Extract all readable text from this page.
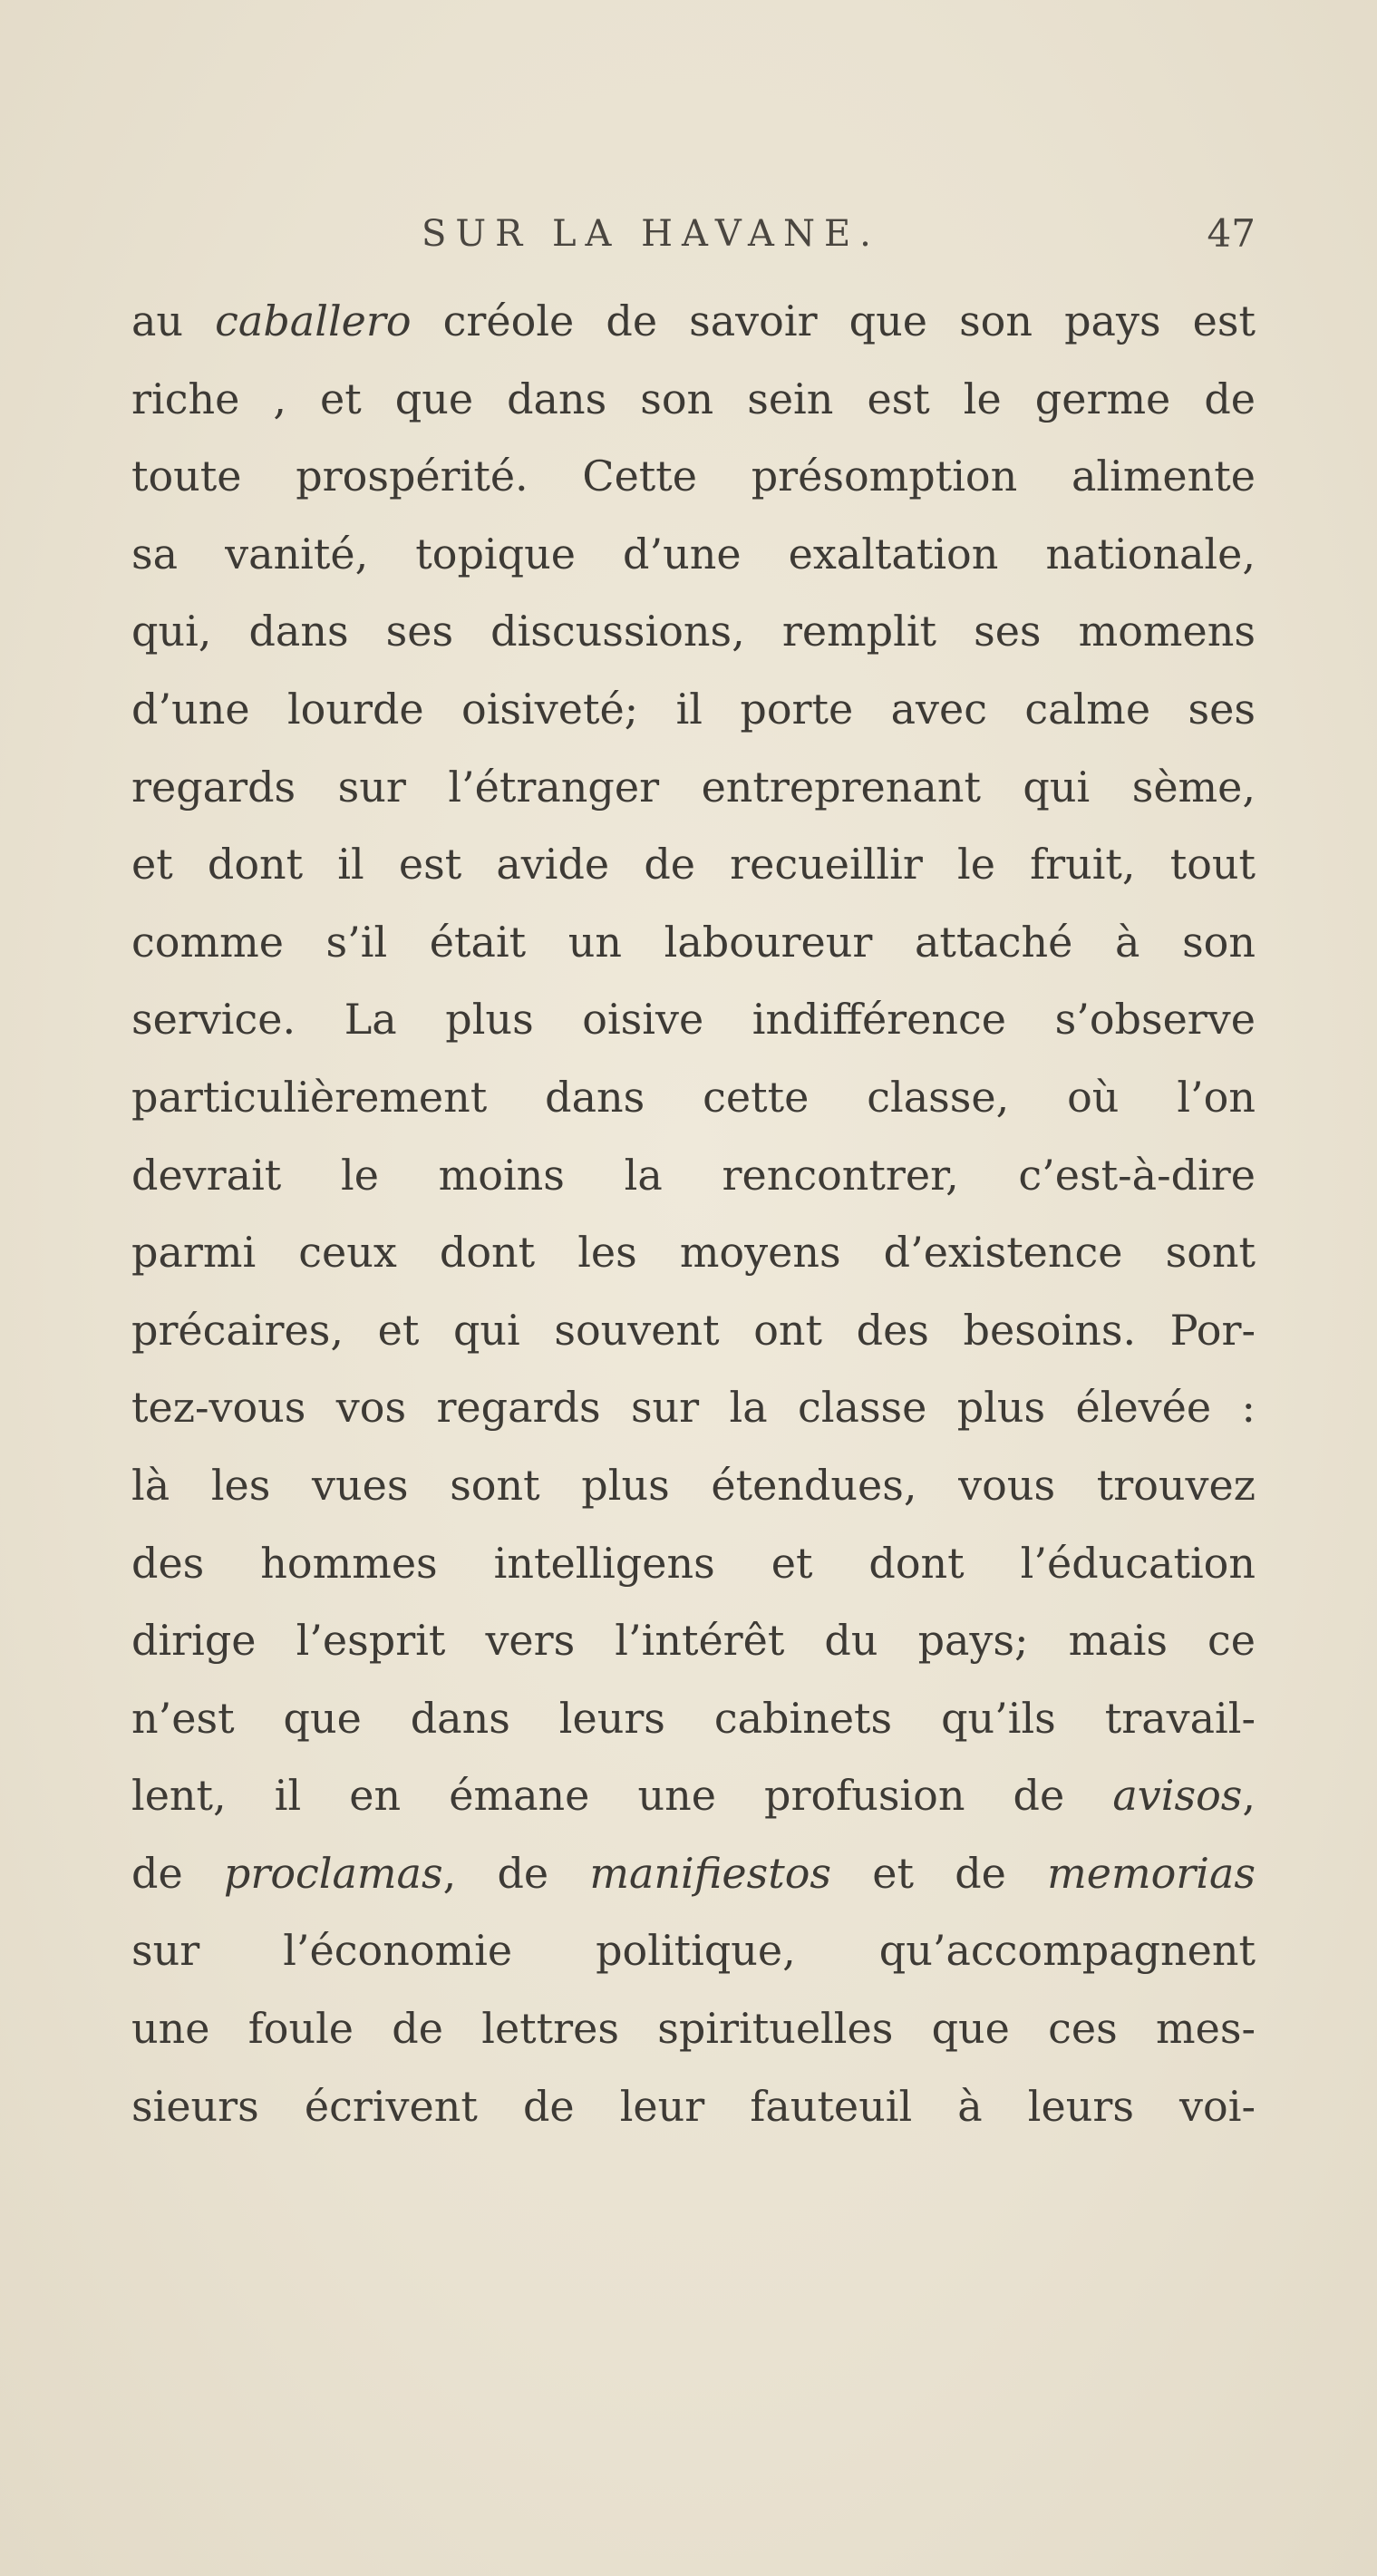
SUR LA HAVANE.	47
au caballero créole de savoir que son pays est
riche , et que dans son sein est le germe de
toute prospérité. Cette présomption alimente
sa vanité, topique d’une exaltation nationale,
qui, dans ses discussions, remplit ses momens
d’une lourde oisiveté; il porte avec calme ses
regards sur l’étranger entreprenant qui sème,
et dont il est avide de recueillir le fruit, tout
comme s’il était un laboureur attaché à son
service. La plus oisive indifférence s’observe
particulièrement dans cette classe, où l’on
devrait le moins la rencontrer, c’est-à-dire
parmi ceux dont les moyens d’existence sont
précaires, et qui souvent ont des besoins. Por-
tez-vous vos regards sur la classe plus élevée :
là les vues sont plus étendues, vous trouvez
des hommes intelligens et dont l’éducation
dirige l’esprit vers l’intérêt du pays; mais ce
n’est que dans leurs cabinets qu’ils travail-
lent, il en émane une profusion de avisos,
de proclamas, de manifiestos et de memorias
sur l’économie politique, qu’accompagnent
une foule de lettres spirituelles que ces mes-
sieurs écrivent de leur fauteuil à leurs voi-
